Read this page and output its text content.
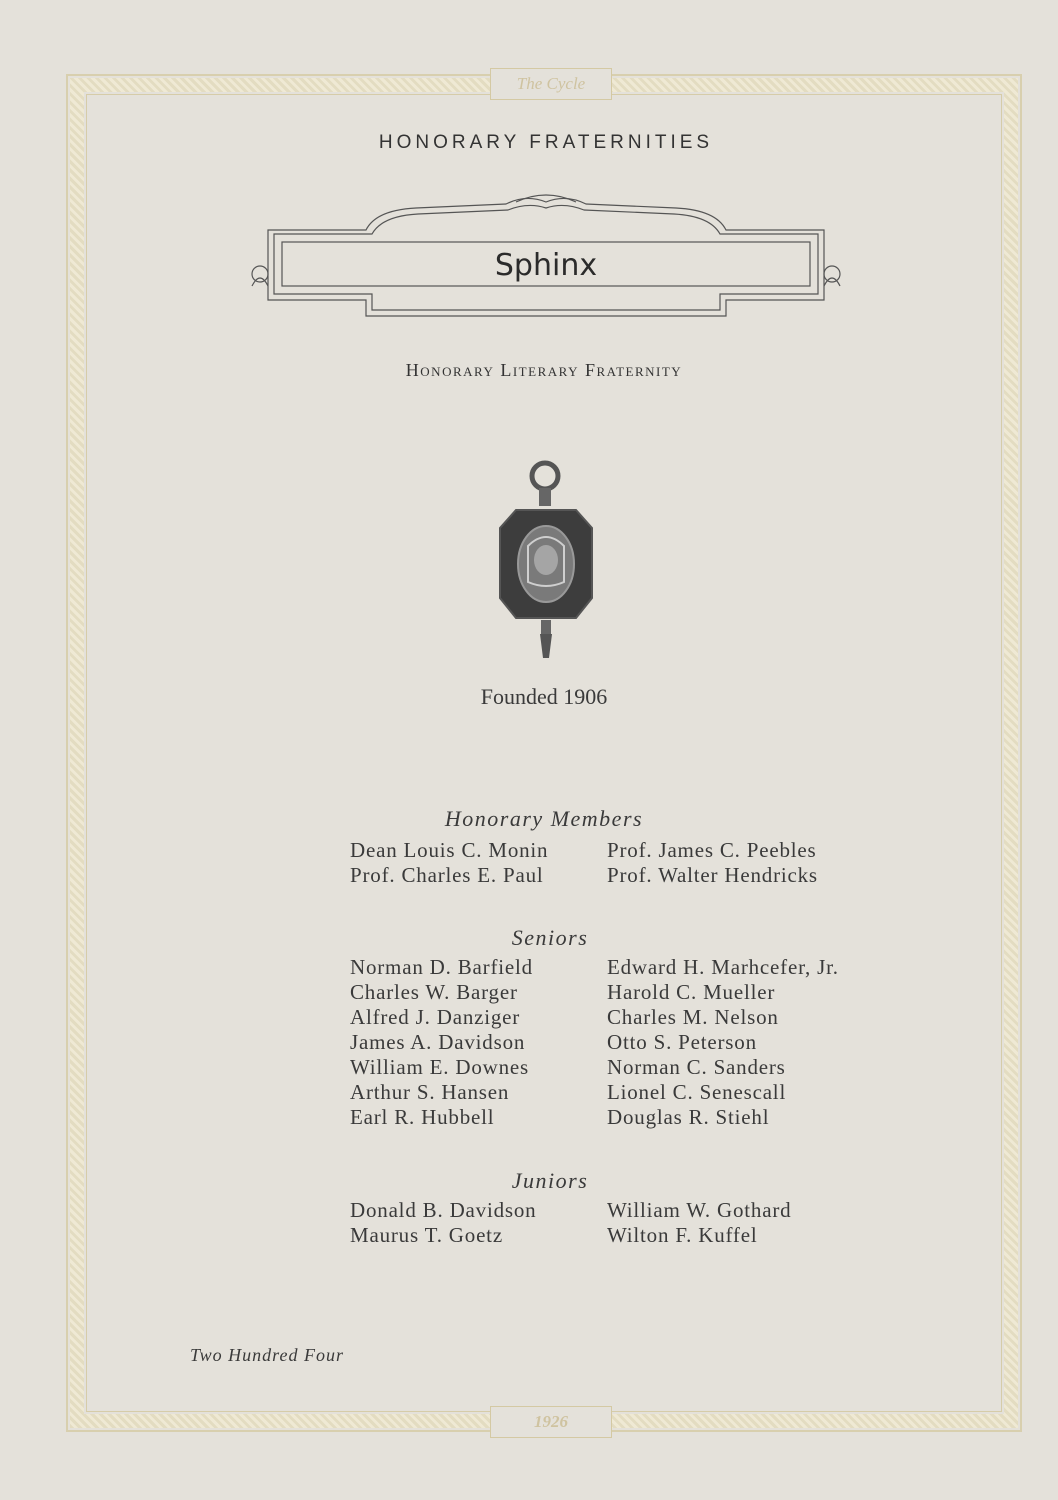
The Cycle
1926
HONORARY FRATERNITIES
Sphinx
Honorary Literary Fraternity
Founded 1906
Honorary Members
Dean Louis C. Monin
Prof. Charles E. Paul
Prof. James C. Peebles
Prof. Walter Hendricks
Seniors
Norman D. Barfield
Charles W. Barger
Alfred J. Danziger
James A. Davidson
William E. Downes
Arthur S. Hansen
Earl R. Hubbell
Edward H. Marhcefer, Jr.
Harold C. Mueller
Charles M. Nelson
Otto S. Peterson
Norman C. Sanders
Lionel C. Senescall
Douglas R. Stiehl
Juniors
Donald B. Davidson
Maurus T. Goetz
William W. Gothard
Wilton F. Kuffel
Two Hundred Four
